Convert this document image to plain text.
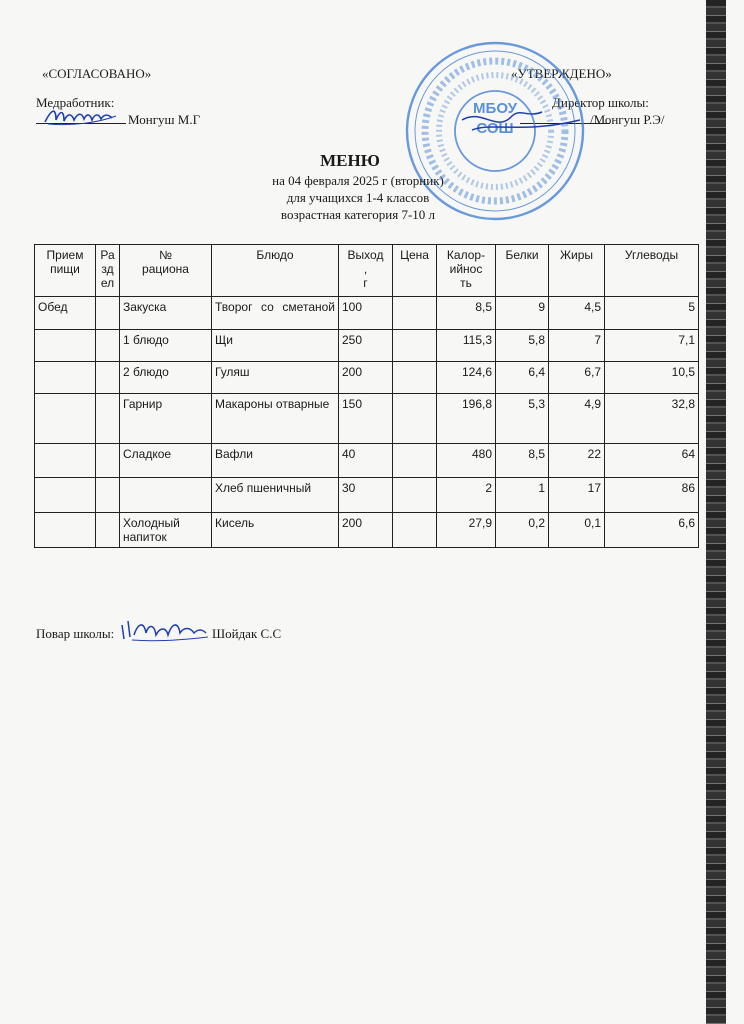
«СОГЛАСОВАНО»
Медработник:
Монгуш М.Г
«УТВЕРЖДЕНО»
Директор школы:
/Монгуш Р.Э/
МБОУ
СОШ
МЕНЮ
на 04 февраля 2025 г (вторник)
для учащихся 1-4 классов
возрастная категория 7-10 л
Прием
пищи	Ра
зд
ел	№
рациона	Блюдо	Выход
,
г	Цена	Калор-
ийнос
ть	Белки	Жиры	Углеводы
Обед		Закуска	Творог со сметаной	100		8,5	9	4,5	5
		1 блюдо	Щи	250		115,3	5,8	7	7,1
		2 блюдо	Гуляш	200		124,6	6,4	6,7	10,5
		Гарнир	Макароны отварные	150		196,8	5,3	4,9	32,8
		Сладкое	Вафли	40		480	8,5	22	64
			Хлеб пшеничный	30		2	1	17	86
		Холодный напиток	Кисель	200		27,9	0,2	0,1	6,6
Повар школы:	Шойдак С.С
